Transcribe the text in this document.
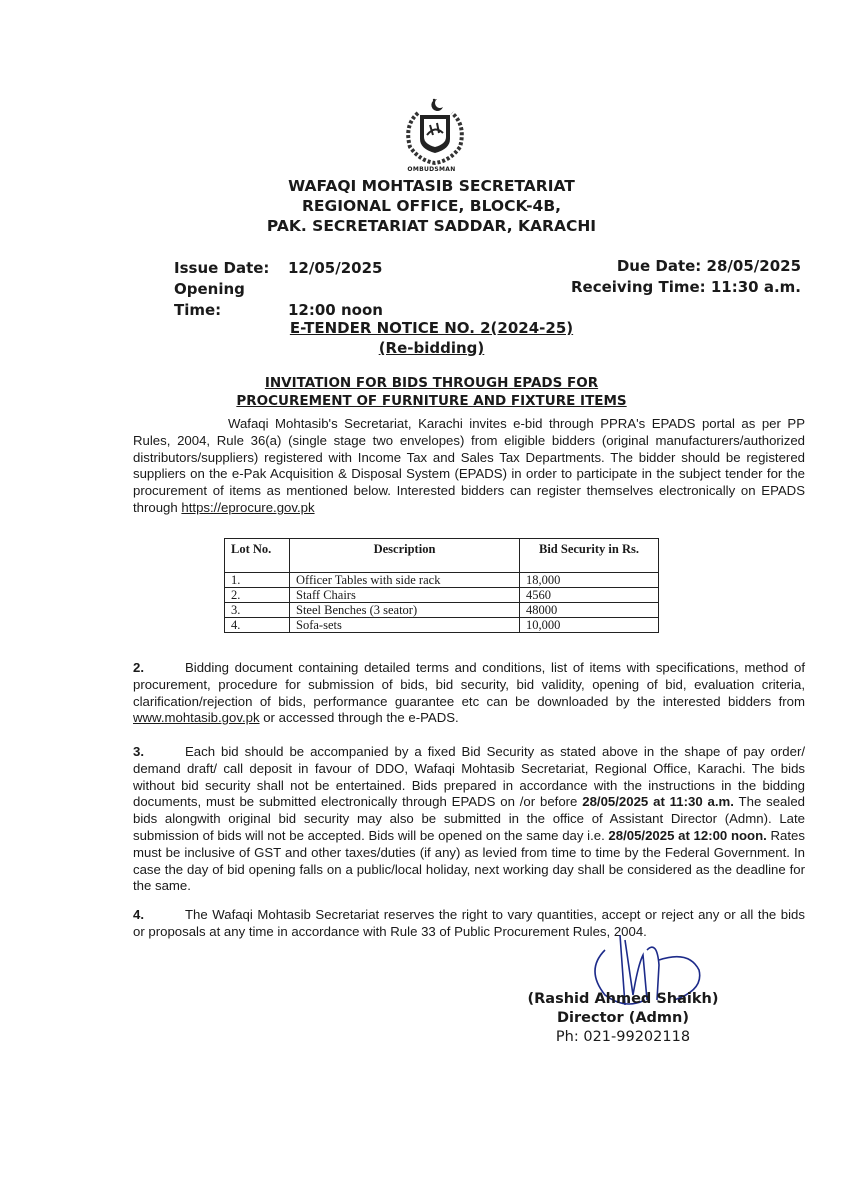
OMBUDSMAN
WAFAQI MOHTASIB SECRETARIAT
REGIONAL OFFICE, BLOCK-4B,
PAK. SECRETARIAT SADDAR, KARACHI
Issue Date: 12/05/2025
Opening Time:	12:00 noon
Due Date: 28/05/2025
Receiving Time: 11:30 a.m.
E-TENDER NOTICE NO. 2(2024-25)
(Re-bidding)
INVITATION FOR BIDS THROUGH EPADS FOR
PROCUREMENT OF FURNITURE AND FIXTURE ITEMS
Wafaqi Mohtasib's Secretariat, Karachi invites e-bid through PPRA's EPADS portal as per PP Rules, 2004, Rule 36(a) (single stage two envelopes) from eligible bidders (original manufacturers/authorized distributors/suppliers) registered with Income Tax and Sales Tax Departments. The bidder should be registered suppliers on the e-Pak Acquisition & Disposal System (EPADS) in order to participate in the subject tender for the procurement of items as mentioned below. Interested bidders can register themselves electronically on EPADS through https://eprocure.gov.pk
Lot No.	Description	Bid Security in Rs.
1.	Officer Tables with side rack	18,000
2.	Staff Chairs	4560
3.	Steel Benches (3 seator)	48000
4.	Sofa-sets	10,000
2.	Bidding document containing detailed terms and conditions, list of items with specifications, method of procurement, procedure for submission of bids, bid security, bid validity, opening of bid, evaluation criteria, clarification/rejection of bids, performance guarantee etc can be downloaded by the interested bidders from www.mohtasib.gov.pk or accessed through the e-PADS.
3.	Each bid should be accompanied by a fixed Bid Security as stated above in the shape of pay order/ demand draft/ call deposit in favour of DDO, Wafaqi Mohtasib Secretariat, Regional Office, Karachi. The bids without bid security shall not be entertained. Bids prepared in accordance with the instructions in the bidding documents, must be submitted electronically through EPADS on /or before 28/05/2025 at 11:30 a.m. The sealed bids alongwith original bid security may also be submitted in the office of Assistant Director (Admn). Late submission of bids will not be accepted. Bids will be opened on the same day i.e. 28/05/2025 at 12:00 noon. Rates must be inclusive of GST and other taxes/duties (if any) as levied from time to time by the Federal Government. In case the day of bid opening falls on a public/local holiday, next working day shall be considered as the deadline for the same.
4.	The Wafaqi Mohtasib Secretariat reserves the right to vary quantities, accept or reject any or all the bids or proposals at any time in accordance with Rule 33 of Public Procurement Rules, 2004.
(Rashid Ahmed Shaikh)
Director (Admn)
Ph: 021-99202118
